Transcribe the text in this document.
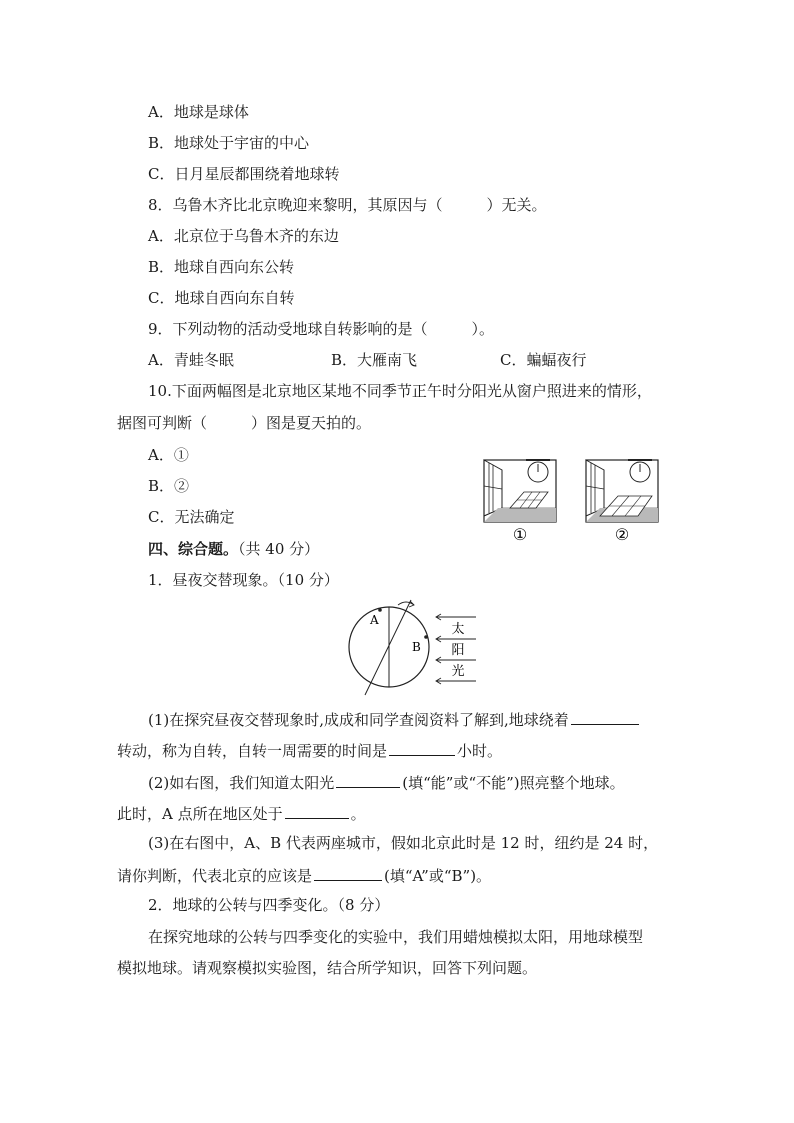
A．地球是球体
B．地球处于宇宙的中心
C．日月星辰都围绕着地球转
8．乌鲁木齐比北京晚迎来黎明，其原因与（	）无关。
A．北京位于乌鲁木齐的东边
B．地球自西向东公转
C．地球自西向东自转
9．下列动物的活动受地球自转影响的是（	）。
A．青蛙冬眠	B．大雁南飞	C．蝙蝠夜行
10.下面两幅图是北京地区某地不同季节正午时分阳光从窗户照进来的情形，
据图可判断（	）图是夏天拍的。
A．①
B．②
C．无法确定
①	②
四、综合题。（共 40 分）
1．昼夜交替现象。（10 分）
A
B
太
阳
光
(1)在探究昼夜交替现象时,成成和同学查阅资料了解到,地球绕着
转动，称为自转，自转一周需要的时间是	小时。
(2)如右图，我们知道太阳光	(填“能”或“不能”)照亮整个地球。
此时，A 点所在地区处于	。
(3)在右图中，A、B 代表两座城市，假如北京此时是 12 时，纽约是 24 时，
请你判断，代表北京的应该是	(填“A”或“B”)。
2．地球的公转与四季变化。（8 分）
在探究地球的公转与四季变化的实验中，我们用蜡烛模拟太阳，用地球模型
模拟地球。请观察模拟实验图，结合所学知识，回答下列问题。
